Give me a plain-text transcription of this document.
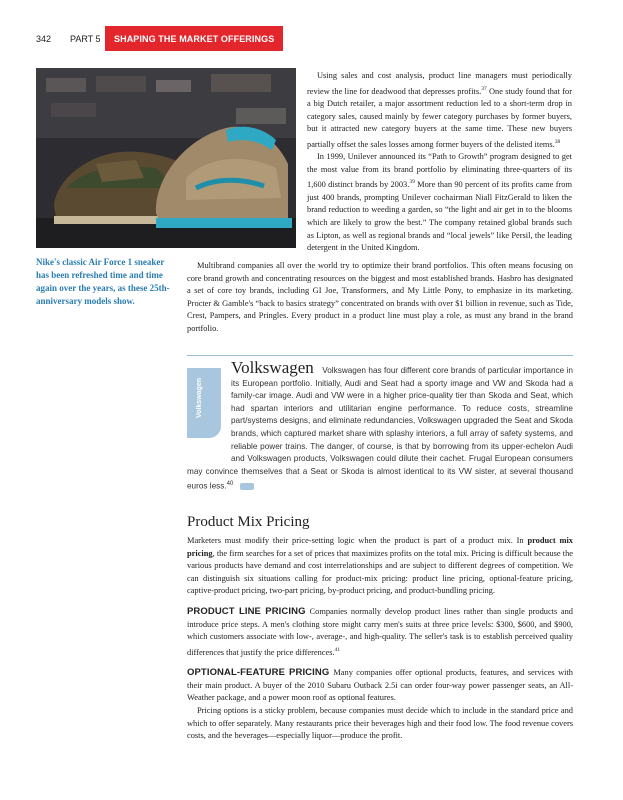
342 PART 5 SHAPING THE MARKET OFFERINGS
Nike's classic Air Force 1 sneaker has been refreshed time and time again over the years, as these 25th-anniversary models show.

Using sales and cost analysis, product line managers must periodically review the line for deadwood that depresses profits.$^{37}$ One study found that for a big Dutch retailer, a major assortment reduction led to a short-term drop in category sales, caused mainly by fewer category purchases by former buyers, but it attracted new category buyers at the same time. These new buyers partially offset the sales losses among former buyers of the delisted items.$^{38}$

In 1999, Unilever announced its “Path to Growth” program designed to get the most value from its brand portfolio by eliminating three-quarters of its 1,600 distinct brands by 2003.39 More than 90 percent of its profits came from just 400 brands, prompting Unilever cochairman Niall FitzGerald to liken the brand reduction to weeding a garden, so “the light and air get in to the blooms which are likely to grow the best.” The company retained global brands such as Lipton, as well as regional brands and “local jewels” like Persil, the leading detergent in the United Kingdom.

Multibrand companies all over the world try to optimize their brand portfolios. This often means focusing on core brand growth and concentrating resources on the biggest and most established brands. Hasbro has designated a set of core toy brands, including GI Joe, Transformers, and My Little Pony, to emphasize in its marketing. Procter & Gamble's “back to basics strategy” concentrated on brands with over $1 billion in revenue, such as Tide, Crest, Pampers, and Pringles. Every product in a product line must play a role, as must any brand in the brand portfolio.

Volkswagen
Volkswagen Volkswagen has four different core brands of particular importance in its European portfolio. Initially, Audi and Seat had a sporty image and VW and Skoda had a family-car image. Audi and VW were in a higher price-quality tier than Skoda and Seat, which had spartan interiors and utilitarian engine performance. To reduce costs, streamline part/systems designs, and eliminate redundancies, Volkswagen upgraded the Seat and Skoda brands, which captured market share with splashy interiors, a full array of safety systems, and reliable power trains. The danger, of course, is that by borrowing from its upper-echelon Audi and Volkswagen products, Volkswagen could dilute their cachet. Frugal European consumers may convince themselves that a Seat or Skoda is almost identical to its VW sister, at several thousand euros less.$^{40}$
Product Mix Pricing

Marketers must modify their price-setting logic when the product is part of a product mix. In product mix pricing, the firm searches for a set of prices that maximizes profits on the total mix. Pricing is difficult because the various products have demand and cost interrelationships and are subject to different degrees of competition. We can distinguish six situations calling for product-mix pricing: product line pricing, optional-feature pricing, captive-product pricing, two-part pricing, by-product pricing, and product-bundling pricing.

PRODUCT LINE PRICING Companies normally develop product lines rather than single products and introduce price steps. A men's clothing store might carry men's suits at three price levels: $300, $600, and $900, which customers associate with low-, average-, and high-quality. The seller's task is to establish perceived quality differences that justify the price differences.$^{41}$

OPTIONAL-FEATURE PRICING Many companies offer optional products, features, and services with their main product. A buyer of the 2010 Subaru Outback 2.5i can order four-way power passenger seats, an All-Weather package, and a power moon roof as optional features.

Pricing options is a sticky problem, because companies must decide which to include in the standard price and which to offer separately. Many restaurants price their beverages high and their food low. The food revenue covers costs, and the beverages—especially liquor—produce the profit.
